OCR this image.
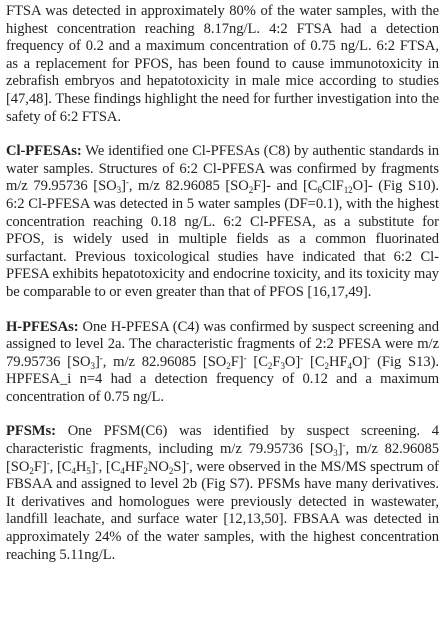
FTSA was detected in approximately 80% of the water samples, with the highest concentration reaching 8.17ng/L. 4:2 FTSA had a detection frequency of 0.2 and a maximum concentration of 0.75 ng/L. 6:2 FTSA, as a replacement for PFOS, has been found to cause immunotoxicity in zebrafish embryos and hepatotoxicity in male mice according to studies [47,48]. These findings highlight the need for further investigation into the safety of 6:2 FTSA.

Cl-PFESAs: We identified one Cl-PFESAs (C8) by authentic standards in water samples. Structures of 6:2 Cl-PFESA was confirmed by fragments m/z 79.95736 $[SO_3]^-$, m/z 82.96085 $[SO_2F]-$ and $[C_6ClF_{12}O]-$ (Fig S10). 6:2 Cl-PFESA was detected in 5 water samples (DF=0.1), with the highest concentration reaching 0.18 ng/L. 6:2 Cl-PFESA, as a substitute for PFOS, is widely used in multiple fields as a common fluorinated surfactant. Previous toxicological studies have indicated that 6:2 Cl-PFESA exhibits hepatotoxicity and endocrine toxicity, and its toxicity may be comparable to or even greater than that of PFOS [16,17,49].

H-PFESAs: One H-PFESA (C4) was confirmed by suspect screening and assigned to level 2a. The characteristic fragments of 2:2 PFESA were m/z 79.95736 $[SO_3]^-$, m/z 82.96085 $[SO_2F]^-$ $[C_2F_3O]^-$ $[C_2HF_4O]^-$ (Fig S13). HPFESA_i n=4 had a detection frequency of 0.12 and a maximum concentration of 0.75 ng/L.

PFSMs: One PFSM(C6) was identified by suspect screening. 4 characteristic fragments, including m/z 79.95736 $[SO_3]^-$, m/z 82.96085 $[SO_2F]^-$, $[C_4H_5]^-$, $[C_4HF_2NO_2S]^-$, were observed in the MS/MS spectrum of FBSAA and assigned to level 2b (Fig S7). PFSMs have many derivatives. It derivatives and homologues were previously detected in wastewater, landfill leachate, and surface water [12,13,50]. FBSAA was detected in approximately 24% of the water samples, with the highest concentration reaching 5.11ng/L.
